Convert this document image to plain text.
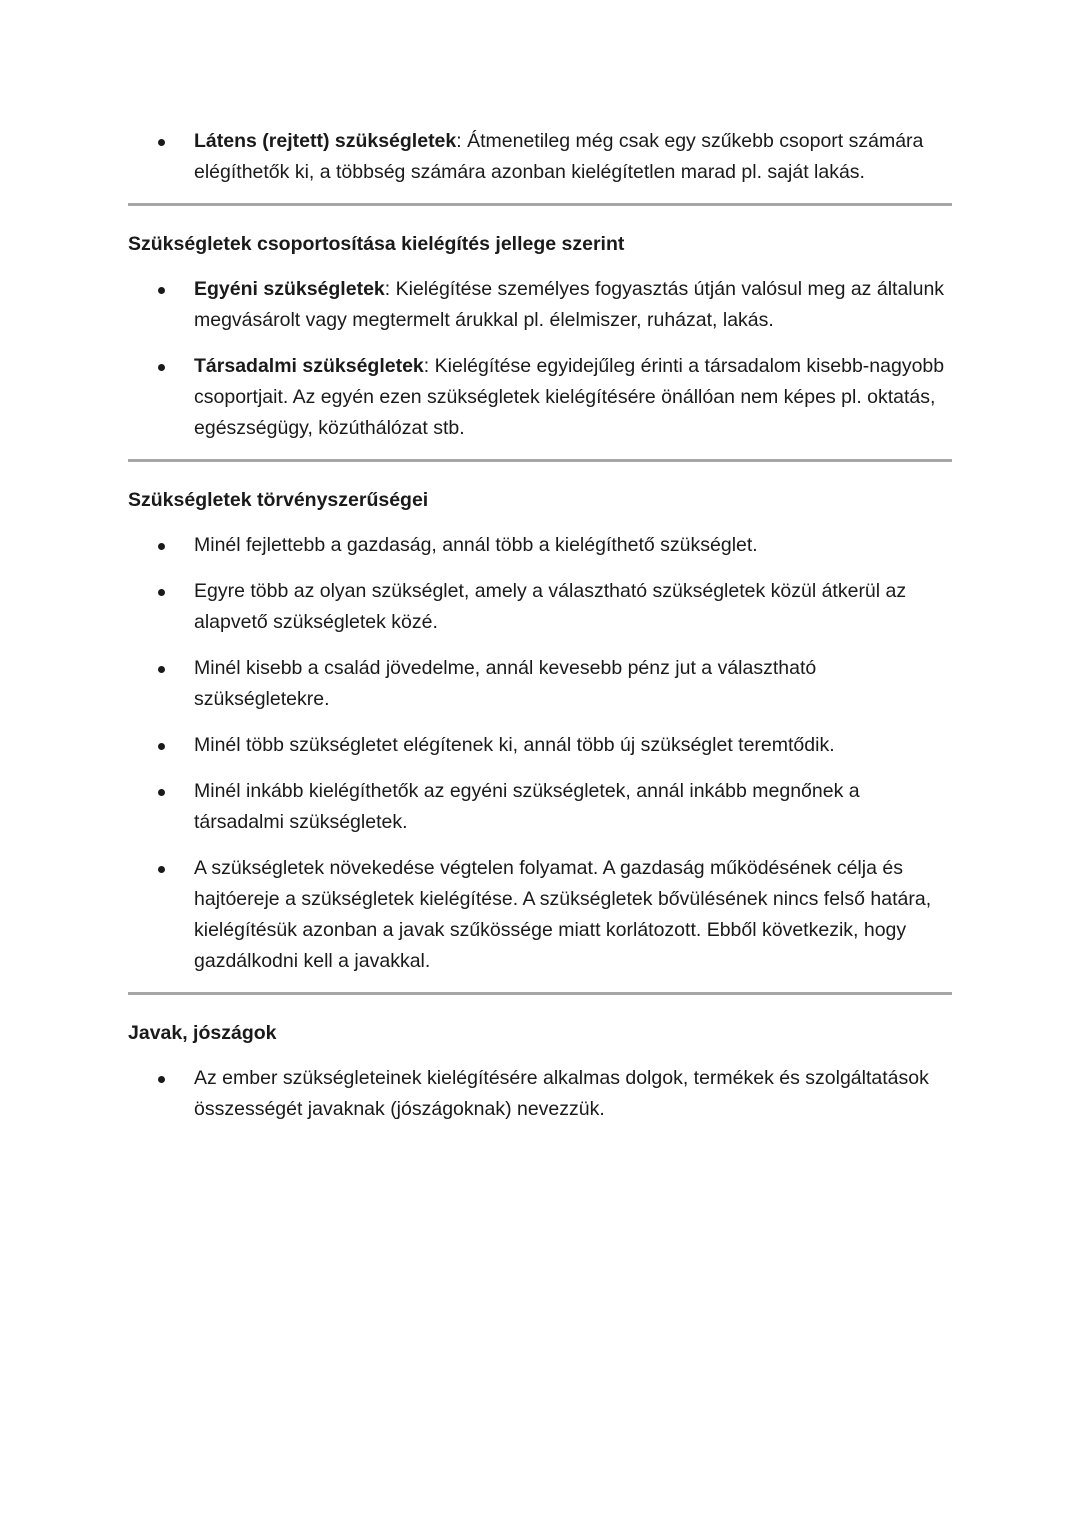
Látens (rejtett) szükségletek: Átmenetileg még csak egy szűkebb csoport számára elégíthetők ki, a többség számára azonban kielégítetlen marad pl. saját lakás.

Szükségletek csoportosítása kielégítés jellege szerint

Egyéni szükségletek: Kielégítése személyes fogyasztás útján valósul meg az általunk megvásárolt vagy megtermelt árukkal pl. élelmiszer, ruházat, lakás.
Társadalmi szükségletek: Kielégítése egyidejűleg érinti a társadalom kisebb-nagyobb csoportjait. Az egyén ezen szükségletek kielégítésére önállóan nem képes pl. oktatás, egészségügy, közúthálózat stb.

Szükségletek törvényszerűségei

Minél fejlettebb a gazdaság, annál több a kielégíthető szükséglet.
Egyre több az olyan szükséglet, amely a választható szükségletek közül átkerül az alapvető szükségletek közé.
Minél kisebb a család jövedelme, annál kevesebb pénz jut a választható szükségletekre.
Minél több szükségletet elégítenek ki, annál több új szükséglet teremtődik.
Minél inkább kielégíthetők az egyéni szükségletek, annál inkább megnőnek a társadalmi szükségletek.
A szükségletek növekedése végtelen folyamat. A gazdaság működésének célja és hajtóereje a szükségletek kielégítése. A szükségletek bővülésének nincs felső határa, kielégítésük azonban a javak szűkössége miatt korlátozott. Ebből következik, hogy gazdálkodni kell a javakkal.

Javak, jószágok

Az ember szükségleteinek kielégítésére alkalmas dolgok, termékek és szolgáltatások összességét javaknak (jószágoknak) nevezzük.
